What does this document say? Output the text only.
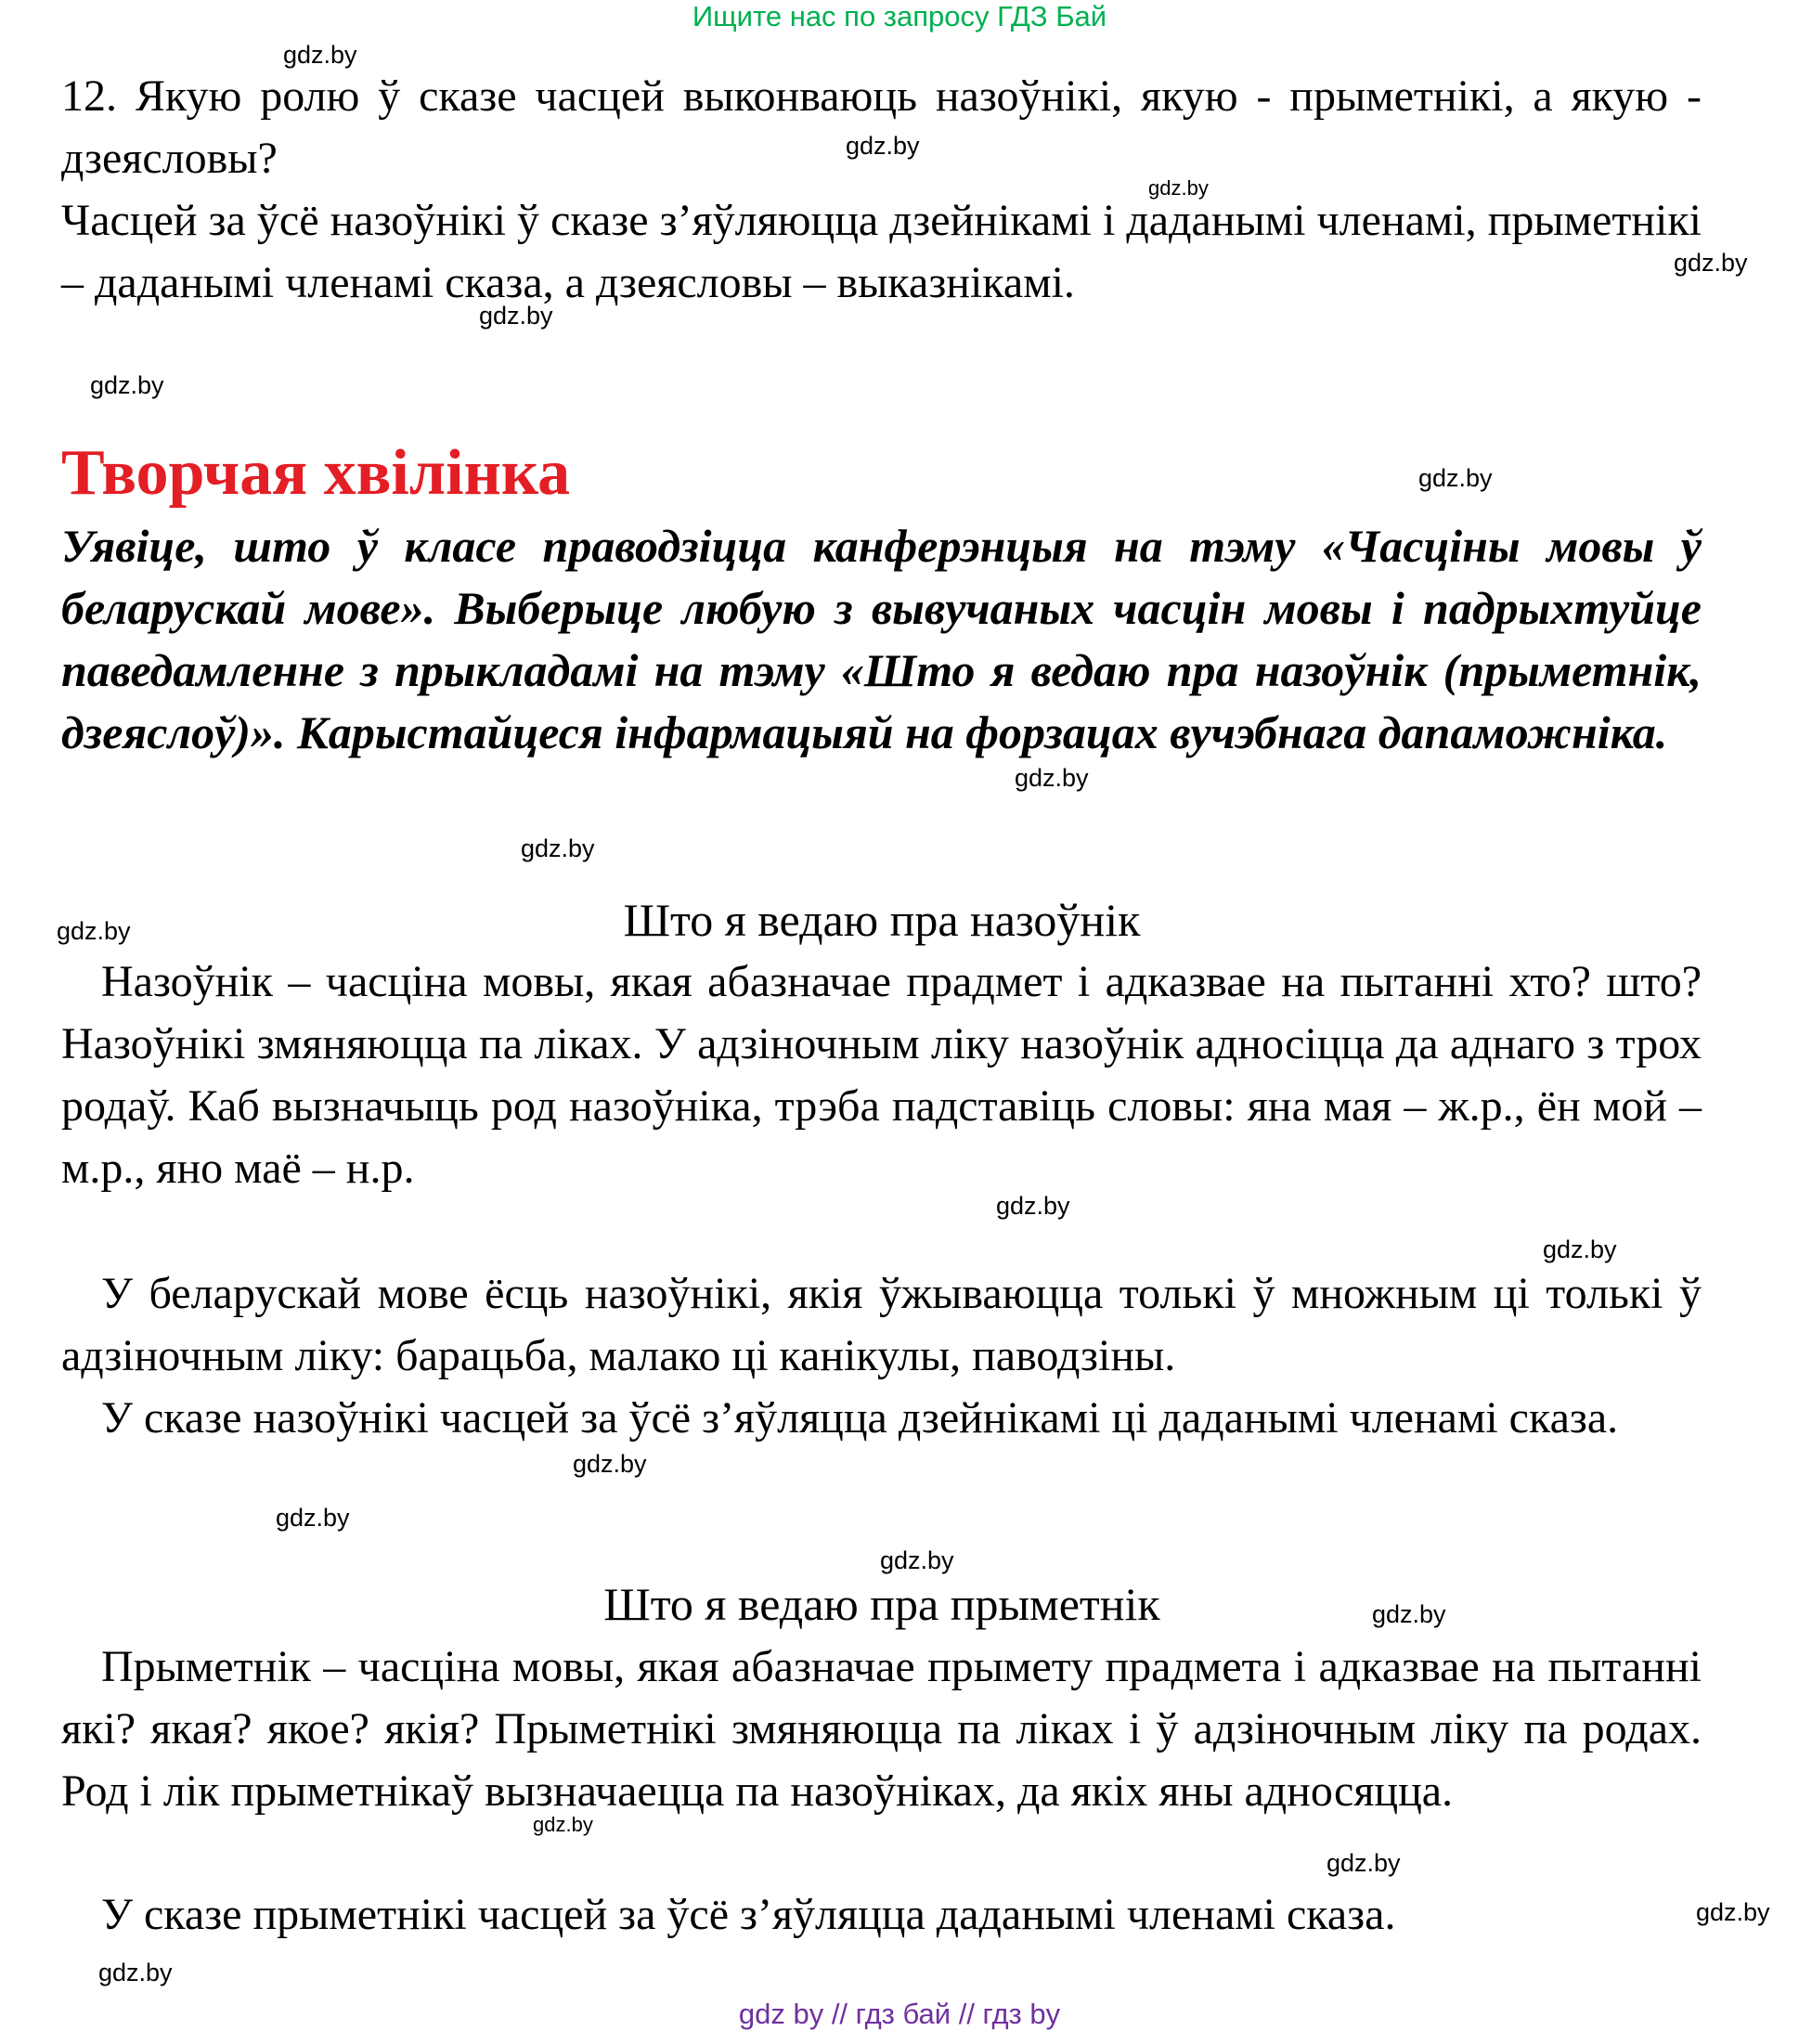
Ищите нас по запросу ГДЗ Бай

12. Якую ролю ў сказе часцей выконваюць назоўнікі, якую - прыметнікі, а якую - дзеясловы?

Часцей за ўсё назоўнікі ў сказе з’яўляюцца дзейнікамі і даданымі членамі, прыметнікі – даданымі членамі сказа, а дзеясловы – выказнікамі.

Творчая хвілінка

Уявіце, што ў класе праводзіцца канферэнцыя на тэму «Часціны мовы ў беларускай мове». Выберыце любую з вывучаных часцін мовы і падрыхтуйце паведамленне з прыкладамі на тэму «Што я ведаю пра назоўнік (прыметнік, дзеяслоў)». Карыстайцеся інфармацыяй на форзацах вучэбнага дапаможніка.

Што я ведаю пра назоўнік

Назоўнік – часціна мовы, якая абазначае прадмет і адказвае на пытанні хто? што? Назоўнікі змяняюцца па ліках. У адзіночным ліку назоўнік адносіцца да аднаго з трох родаў. Каб вызначыць род назоўніка, трэба падставіць словы: яна мая – ж.р., ён мой – м.р., яно маё – н.р.

У беларускай мове ёсць назоўнікі, якія ўжываюцца толькі ў множным ці толькі ў адзіночным ліку: барацьба, малако ці канікулы, паводзіны.

У сказе назоўнікі часцей за ўсё з’яўляцца дзейнікамі ці даданымі членамі сказа.

Што я ведаю пра прыметнік

Прыметнік – часціна мовы, якая абазначае прымету прадмета і адказвае на пытанні які? якая? якое? якія? Прыметнікі змяняюцца па ліках і ў адзіночным ліку па родах. Род і лік прыметнікаў вызначаецца па назоўніках, да якіх яны адносяцца.

У сказе прыметнікі часцей за ўсё з’яўляцца даданымі членамі сказа.

gdz.by
gdz.by
gdz.by
gdz.by
gdz.by
gdz.by
gdz.by
gdz.by
gdz.by
gdz.by
gdz.by
gdz.by
gdz.by
gdz.by
gdz.by
gdz.by
gdz.by
gdz.by
gdz.by
gdz.by
gdz by // гдз бай // гдз by
